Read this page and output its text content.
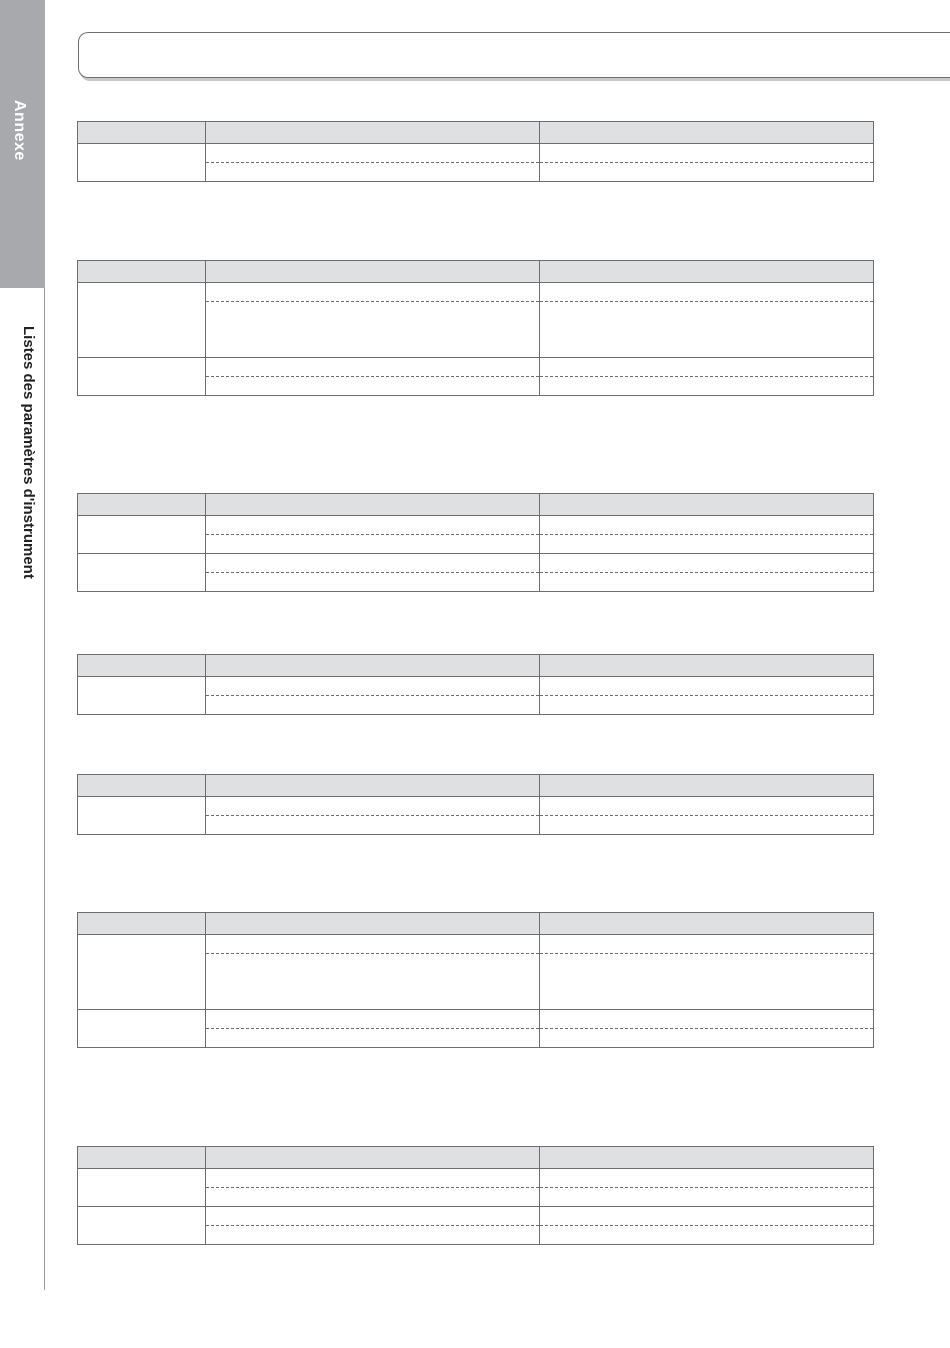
Annexe
Listes des paramètres d'instrument
